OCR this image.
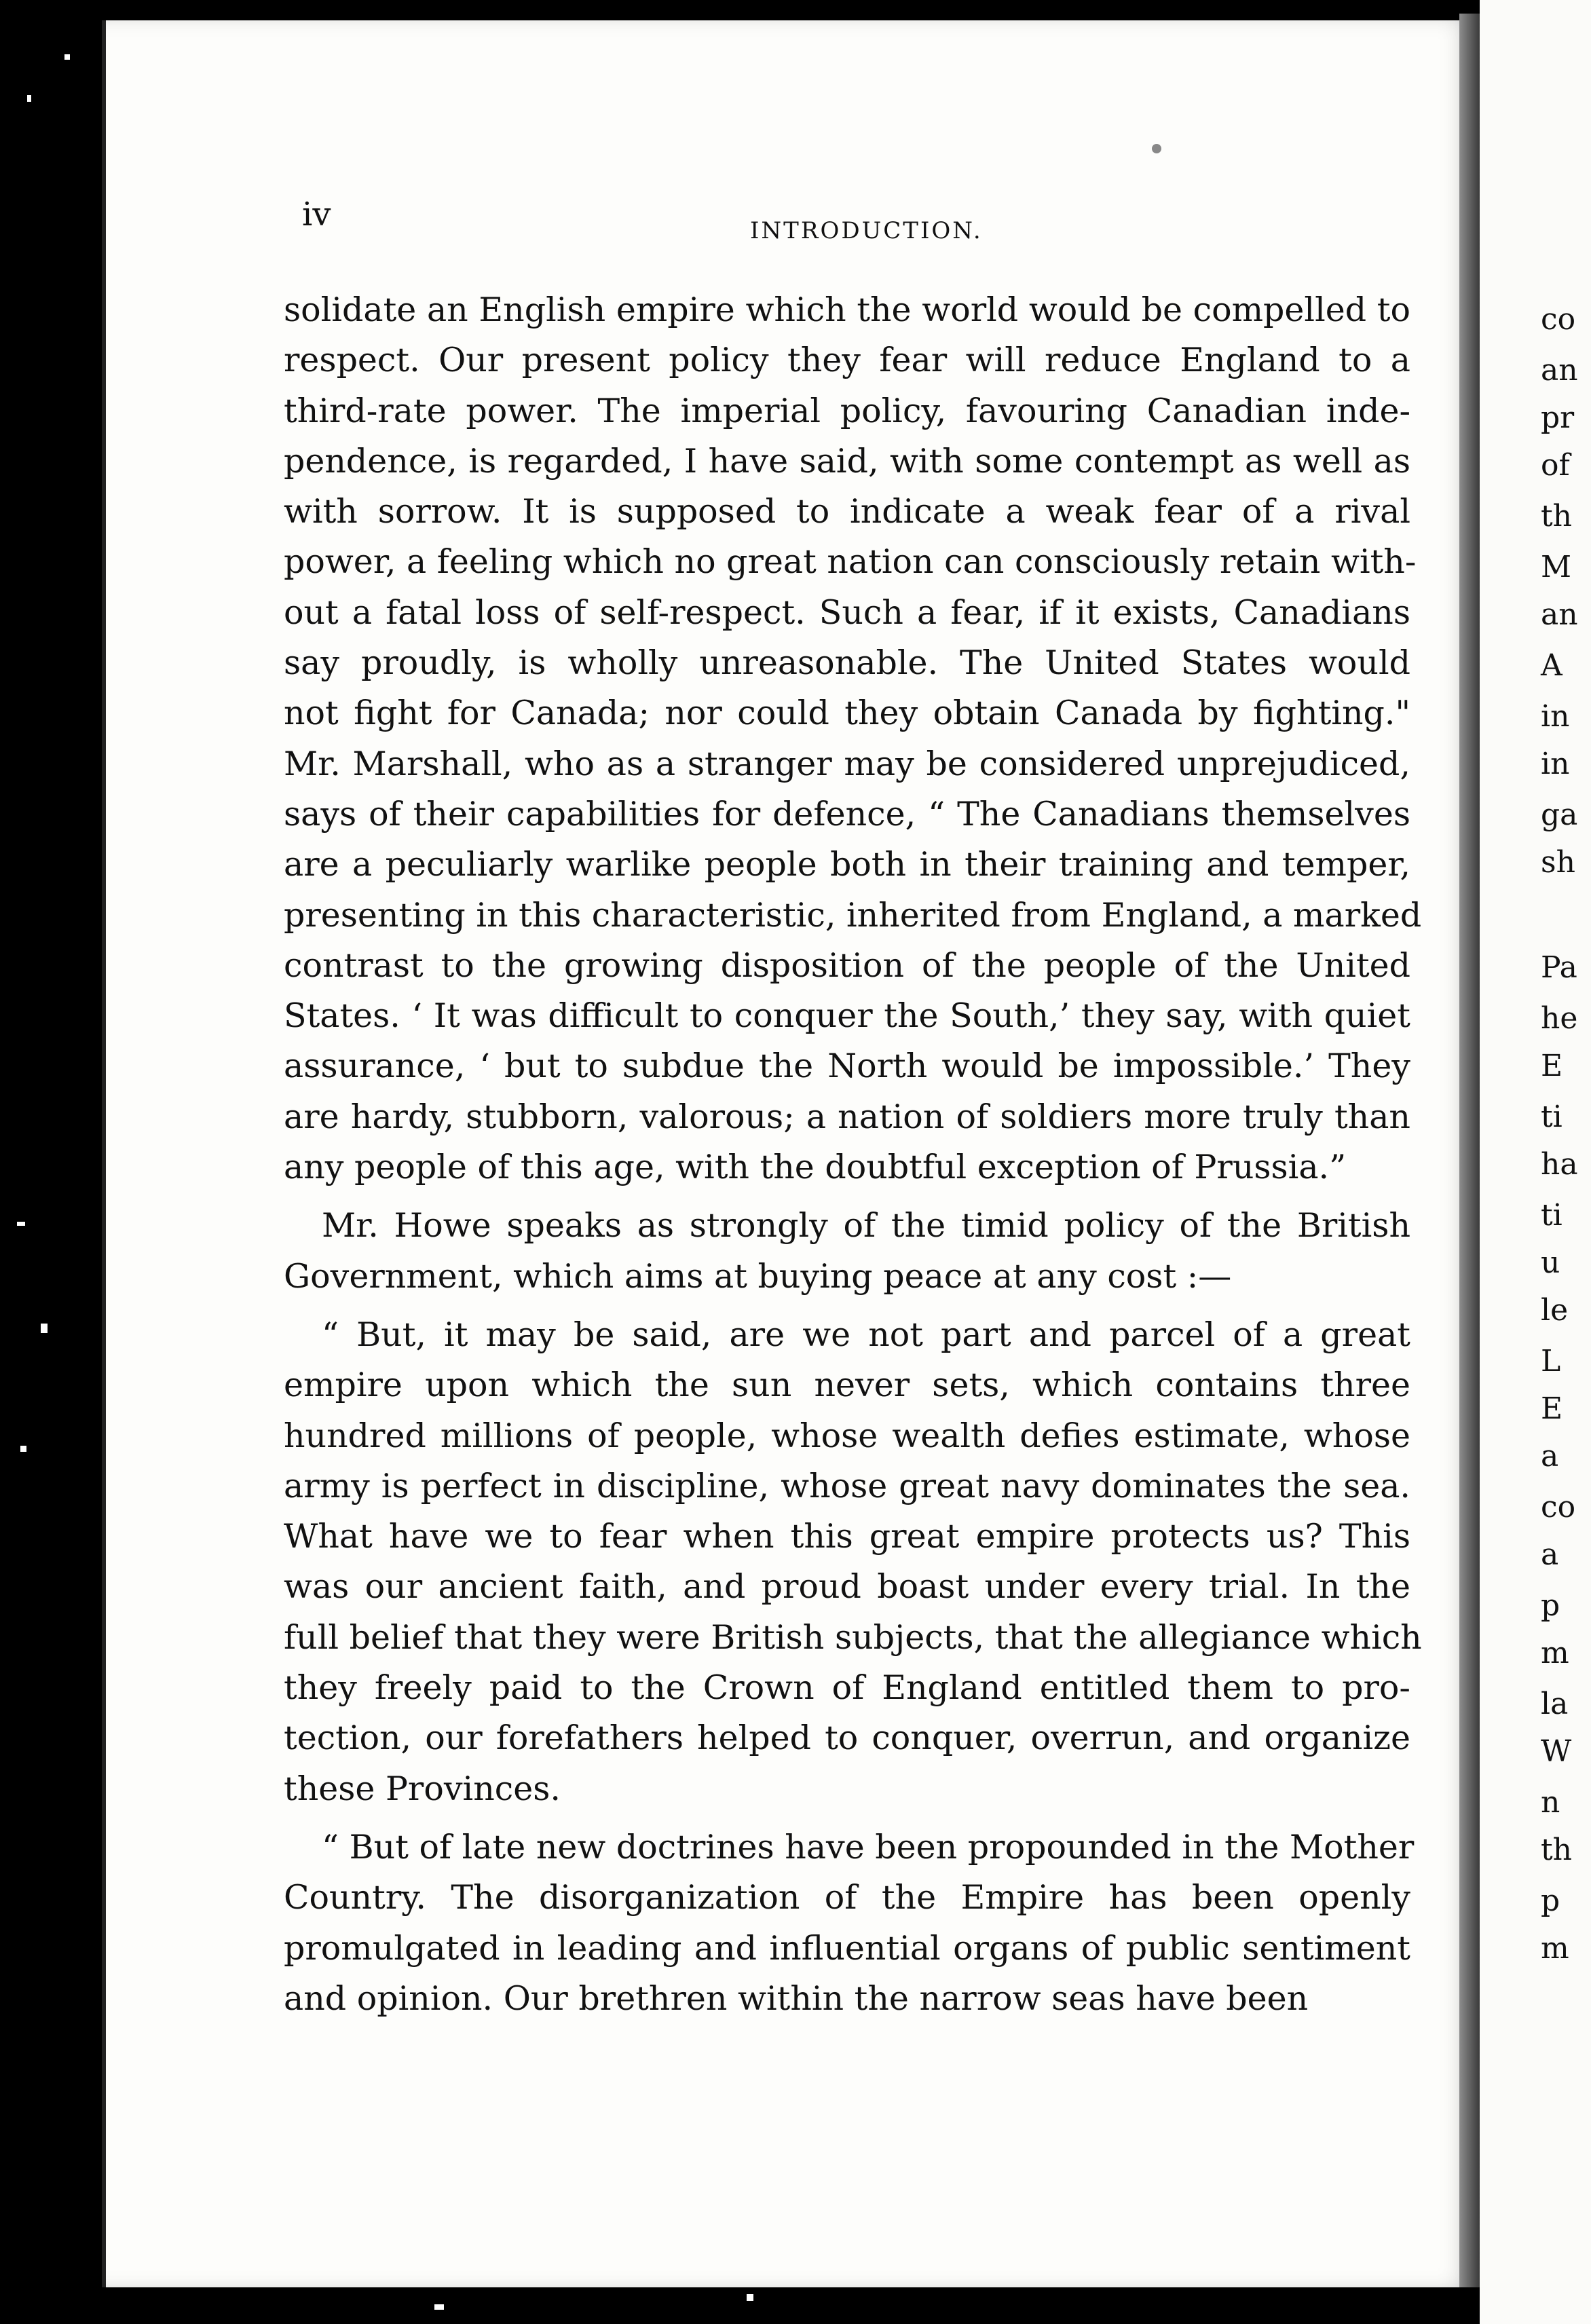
co
an
pr
of
th
M
an
A
in
in
ga
sh
Pa
he
E
ti
ha
ti
u
le
L
E
a
co
a
p
m
la
W
n
th
p
m
iv	INTRODUCTION.
solidate an English empire which the world would be compelled to
respect. Our present policy they fear will reduce England to a
third-rate power. The imperial policy, favouring Canadian inde-
pendence, is regarded, I have said, with some contempt as well as
with sorrow. It is supposed to indicate a weak fear of a rival
power, a feeling which no great nation can consciously retain with-
out a fatal loss of self-respect. Such a fear, if it exists, Canadians
say proudly, is wholly unreasonable. The United States would
not fight for Canada; nor could they obtain Canada by fighting."
Mr. Marshall, who as a stranger may be considered unprejudiced,
says of their capabilities for defence, “ The Canadians themselves
are a peculiarly warlike people both in their training and temper,
presenting in this characteristic, inherited from England, a marked
contrast to the growing disposition of the people of the United
States. ‘ It was difficult to conquer the South,’ they say, with quiet
assurance, ‘ but to subdue the North would be impossible.’ They
are hardy, stubborn, valorous; a nation of soldiers more truly than
any people of this age, with the doubtful exception of Prussia.”
Mr. Howe speaks as strongly of the timid policy of the British
Government, which aims at buying peace at any cost :—
“ But, it may be said, are we not part and parcel of a great
empire upon which the sun never sets, which contains three
hundred millions of people, whose wealth defies estimate, whose
army is perfect in discipline, whose great navy dominates the sea.
What have we to fear when this great empire protects us? This
was our ancient faith, and proud boast under every trial. In the
full belief that they were British subjects, that the allegiance which
they freely paid to the Crown of England entitled them to pro-
tection, our forefathers helped to conquer, overrun, and organize
these Provinces.
“ But of late new doctrines have been propounded in the Mother
Country. The disorganization of the Empire has been openly
promulgated in leading and influential organs of public sentiment
and opinion. Our brethren within the narrow seas have been
